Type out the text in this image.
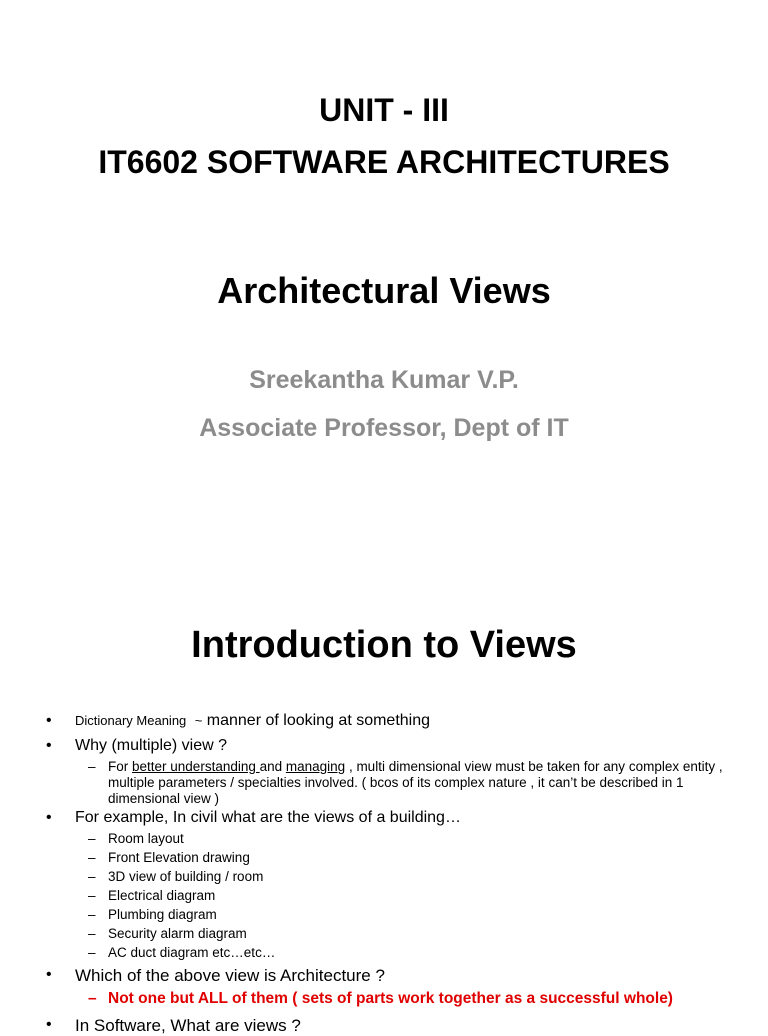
UNIT - III
IT6602 SOFTWARE ARCHITECTURES
Architectural Views
Sreekantha Kumar V.P.
Associate Professor, Dept of IT
Introduction to Views
• Dictionary Meaning ~ manner of looking at something
• Why (multiple) view ?
– For better understanding and managing , multi dimensional view must be taken for any complex entity , multiple parameters / specialties involved. ( bcos of its complex nature , it can’t be described in 1 dimensional view )
• For example, In civil what are the views of a building…
– Room layout
– Front Elevation drawing
– 3D view of building / room
– Electrical diagram
– Plumbing diagram
– Security alarm diagram
– AC duct diagram etc…etc…
• Which of the above view is Architecture ?
– Not one but ALL of them ( sets of parts work together as a successful whole)
• In Software, What are views ?
